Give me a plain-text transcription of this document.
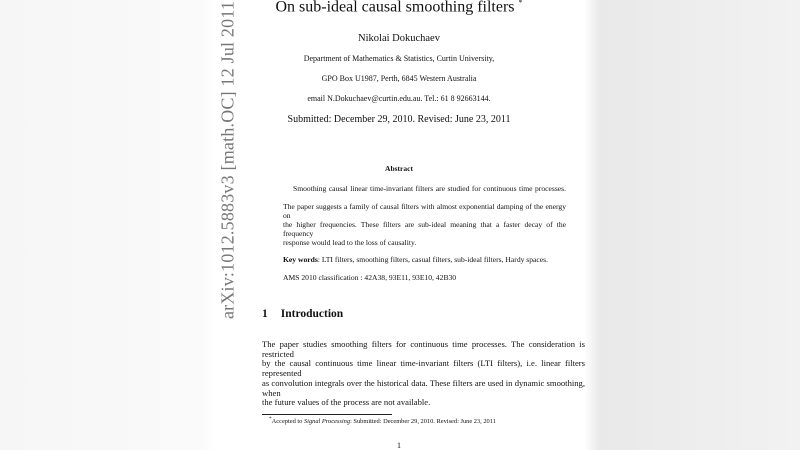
On sub-ideal causal smoothing filters *
Nikolai Dokuchaev
Department of Mathematics & Statistics, Curtin University,
GPO Box U1987, Perth, 6845 Western Australia
email N.Dokuchaev@curtin.edu.au. Tel.: 61 8 92663144.
Submitted: December 29, 2010. Revised: June 23, 2011
Abstract
Smoothing causal linear time-invariant filters are studied for continuous time processes.
The paper suggests a family of causal filters with almost exponential damping of the energy on
the higher frequencies. These filters are sub-ideal meaning that a faster decay of the frequency
response would lead to the loss of causality.
Key words: LTI filters, smoothing filters, casual filters, sub-ideal filters, Hardy spaces.
AMS 2010 classification : 42A38, 93E11, 93E10, 42B30
1 Introduction
The paper studies smoothing filters for continuous time processes. The consideration is restricted
by the causal continuous time linear time-invariant filters (LTI filters), i.e. linear filters represented
as convolution integrals over the historical data. These filters are used in dynamic smoothing, when
the future values of the process are not available.
*Accepted to Signal Processing: Submitted: December 29, 2010. Revised: June 23, 2011
1
arXiv:1012.5883v3 [math.OC] 12 Jul 2011
